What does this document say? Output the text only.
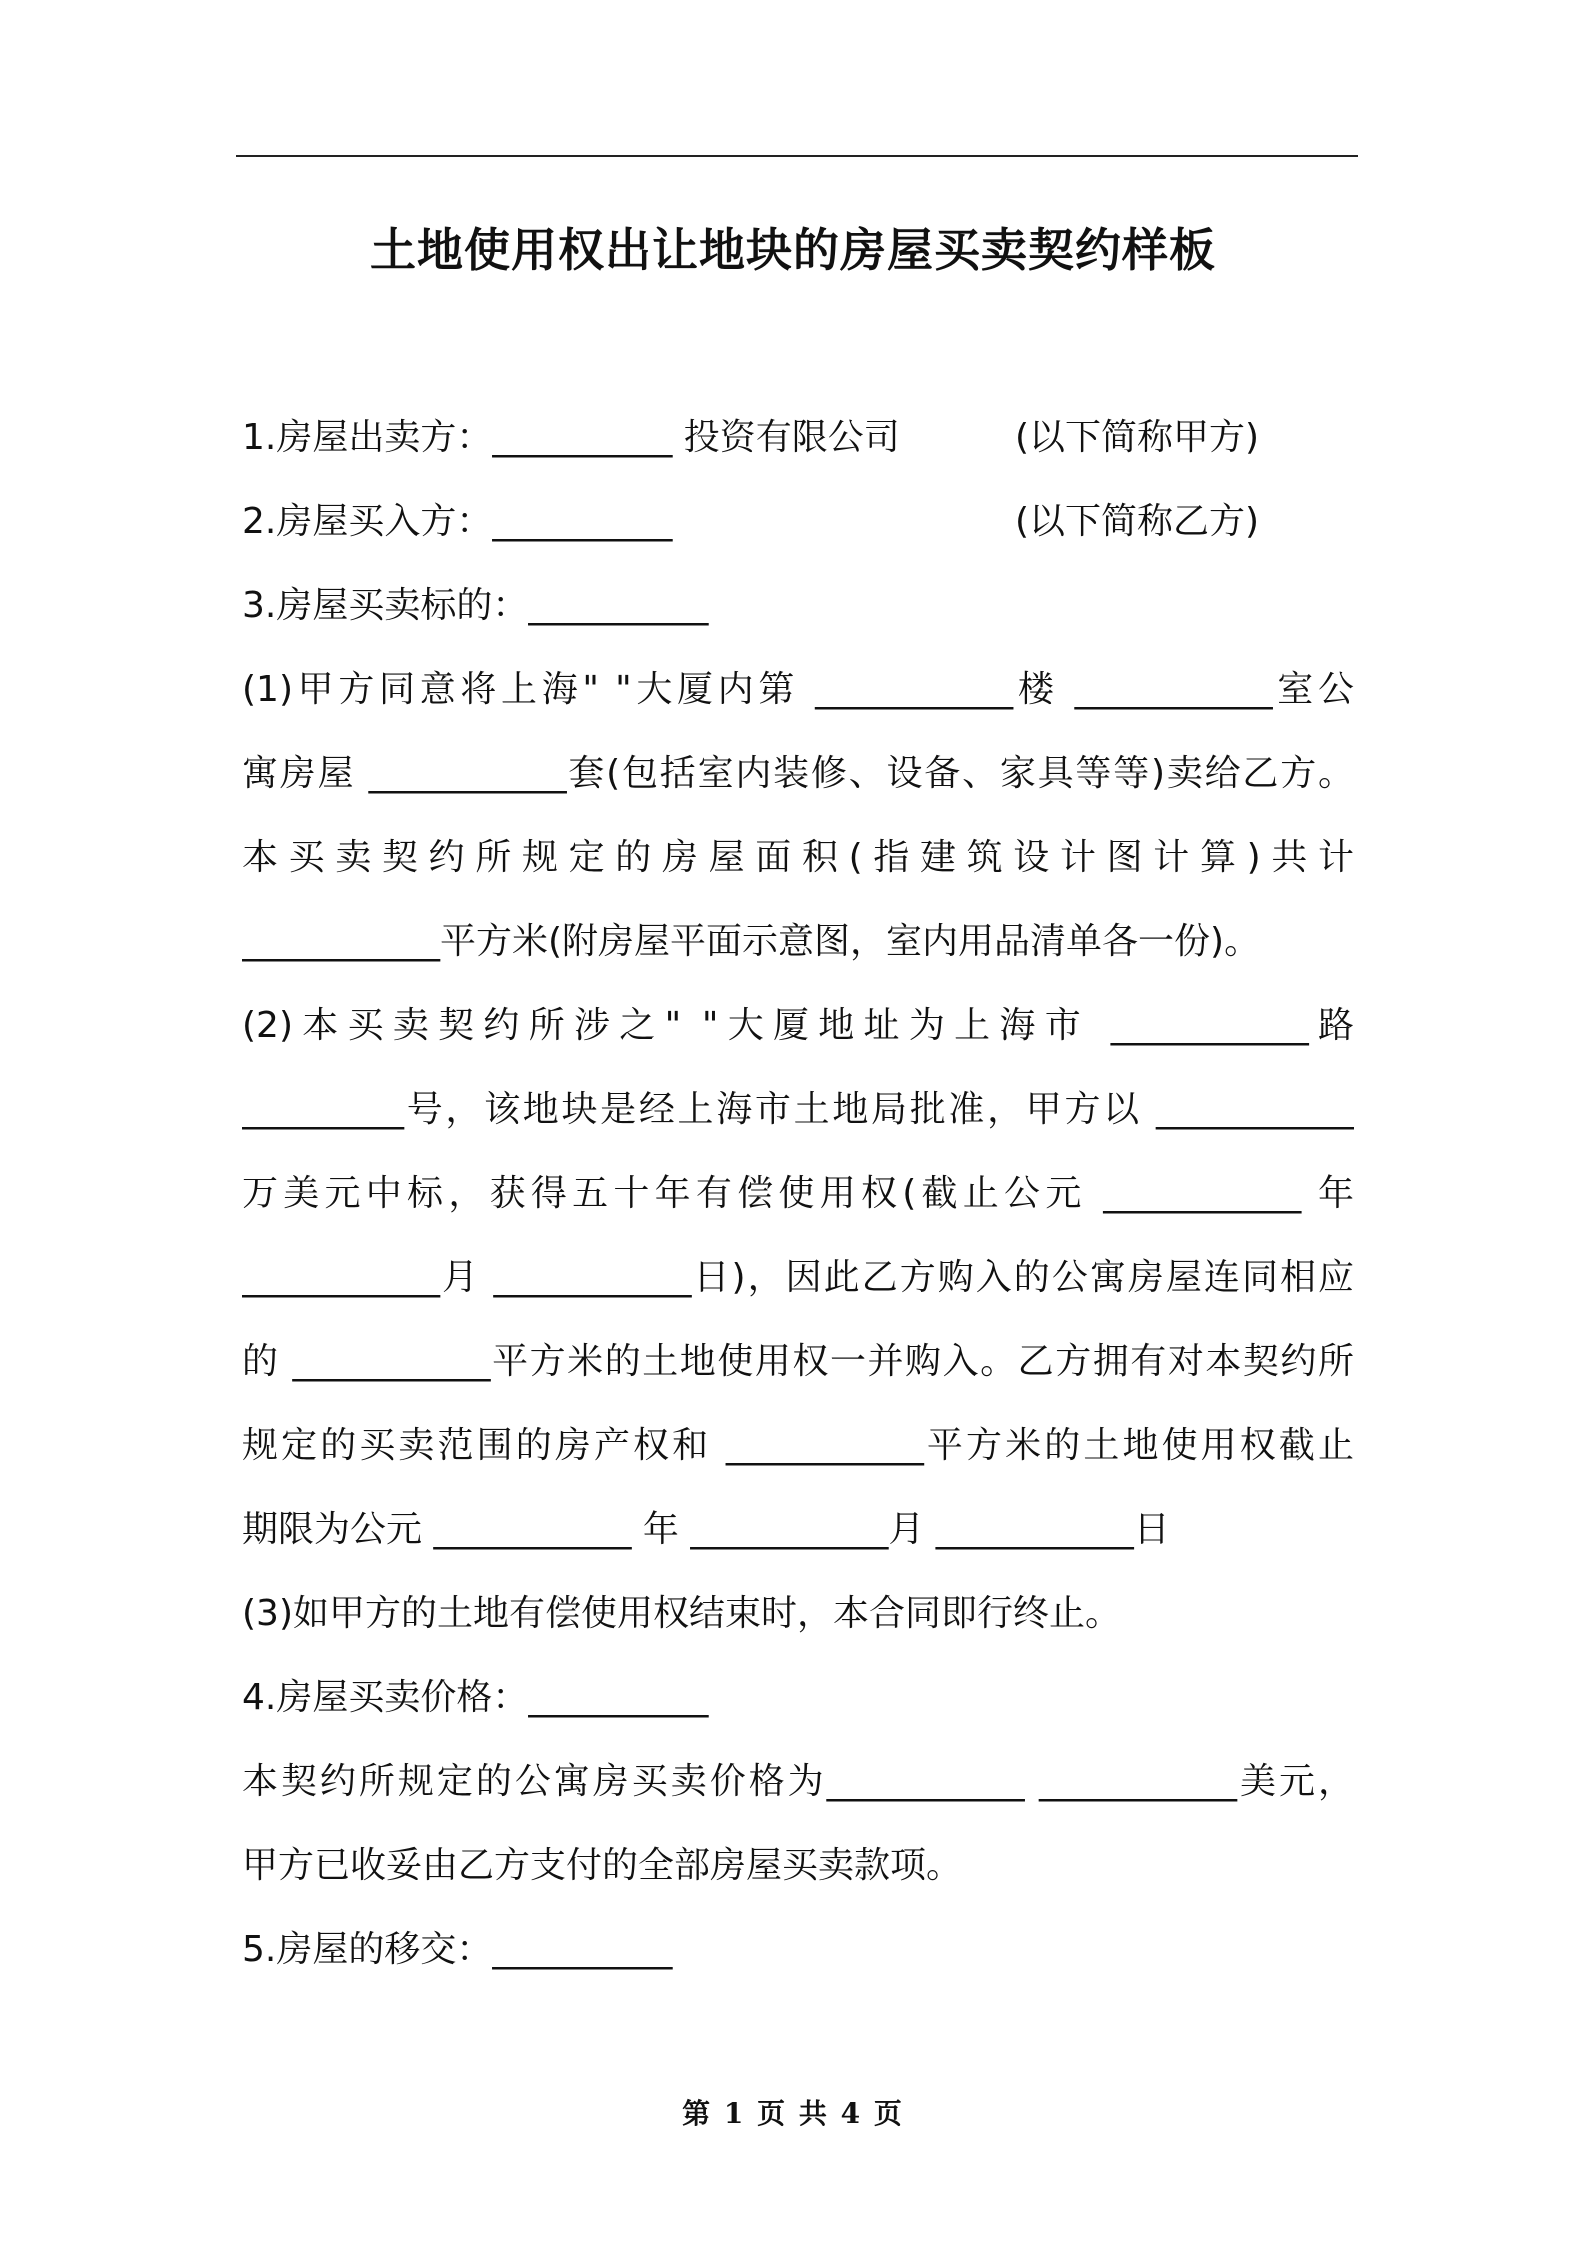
土地使用权出让地块的房屋买卖契约样板
1.房屋出卖方：__________ 投资有限公司	(以下简称甲方)
2.房屋买入方：__________	(以下简称乙方)
3.房屋买卖标的：__________
(1)甲方同意将上海" "大厦内第 ___________楼 ___________室公
寓房屋 ___________套(包括室内装修、设备、家具等等)卖给乙方。
本买卖契约所规定的房屋面积(指建筑设计图计算)共计
___________平方米(附房屋平面示意图，室内用品清单各一份)。
(2)本买卖契约所涉之" "大厦地址为上海市 ___________路
_________号，该地块是经上海市土地局批准，甲方以 ___________
万美元中标，获得五十年有偿使用权(截止公元 ___________ 年
___________月 ___________日)，因此乙方购入的公寓房屋连同相应
的 ___________平方米的土地使用权一并购入。乙方拥有对本契约所
规定的买卖范围的房产权和 ___________平方米的土地使用权截止
期限为公元 ___________ 年 ___________月 ___________日
(3)如甲方的土地有偿使用权结束时，本合同即行终止。
4.房屋买卖价格：__________
本契约所规定的公寓房买卖价格为___________ ___________美元，
甲方已收妥由乙方支付的全部房屋买卖款项。
5.房屋的移交：__________
第 1 页 共 4 页
